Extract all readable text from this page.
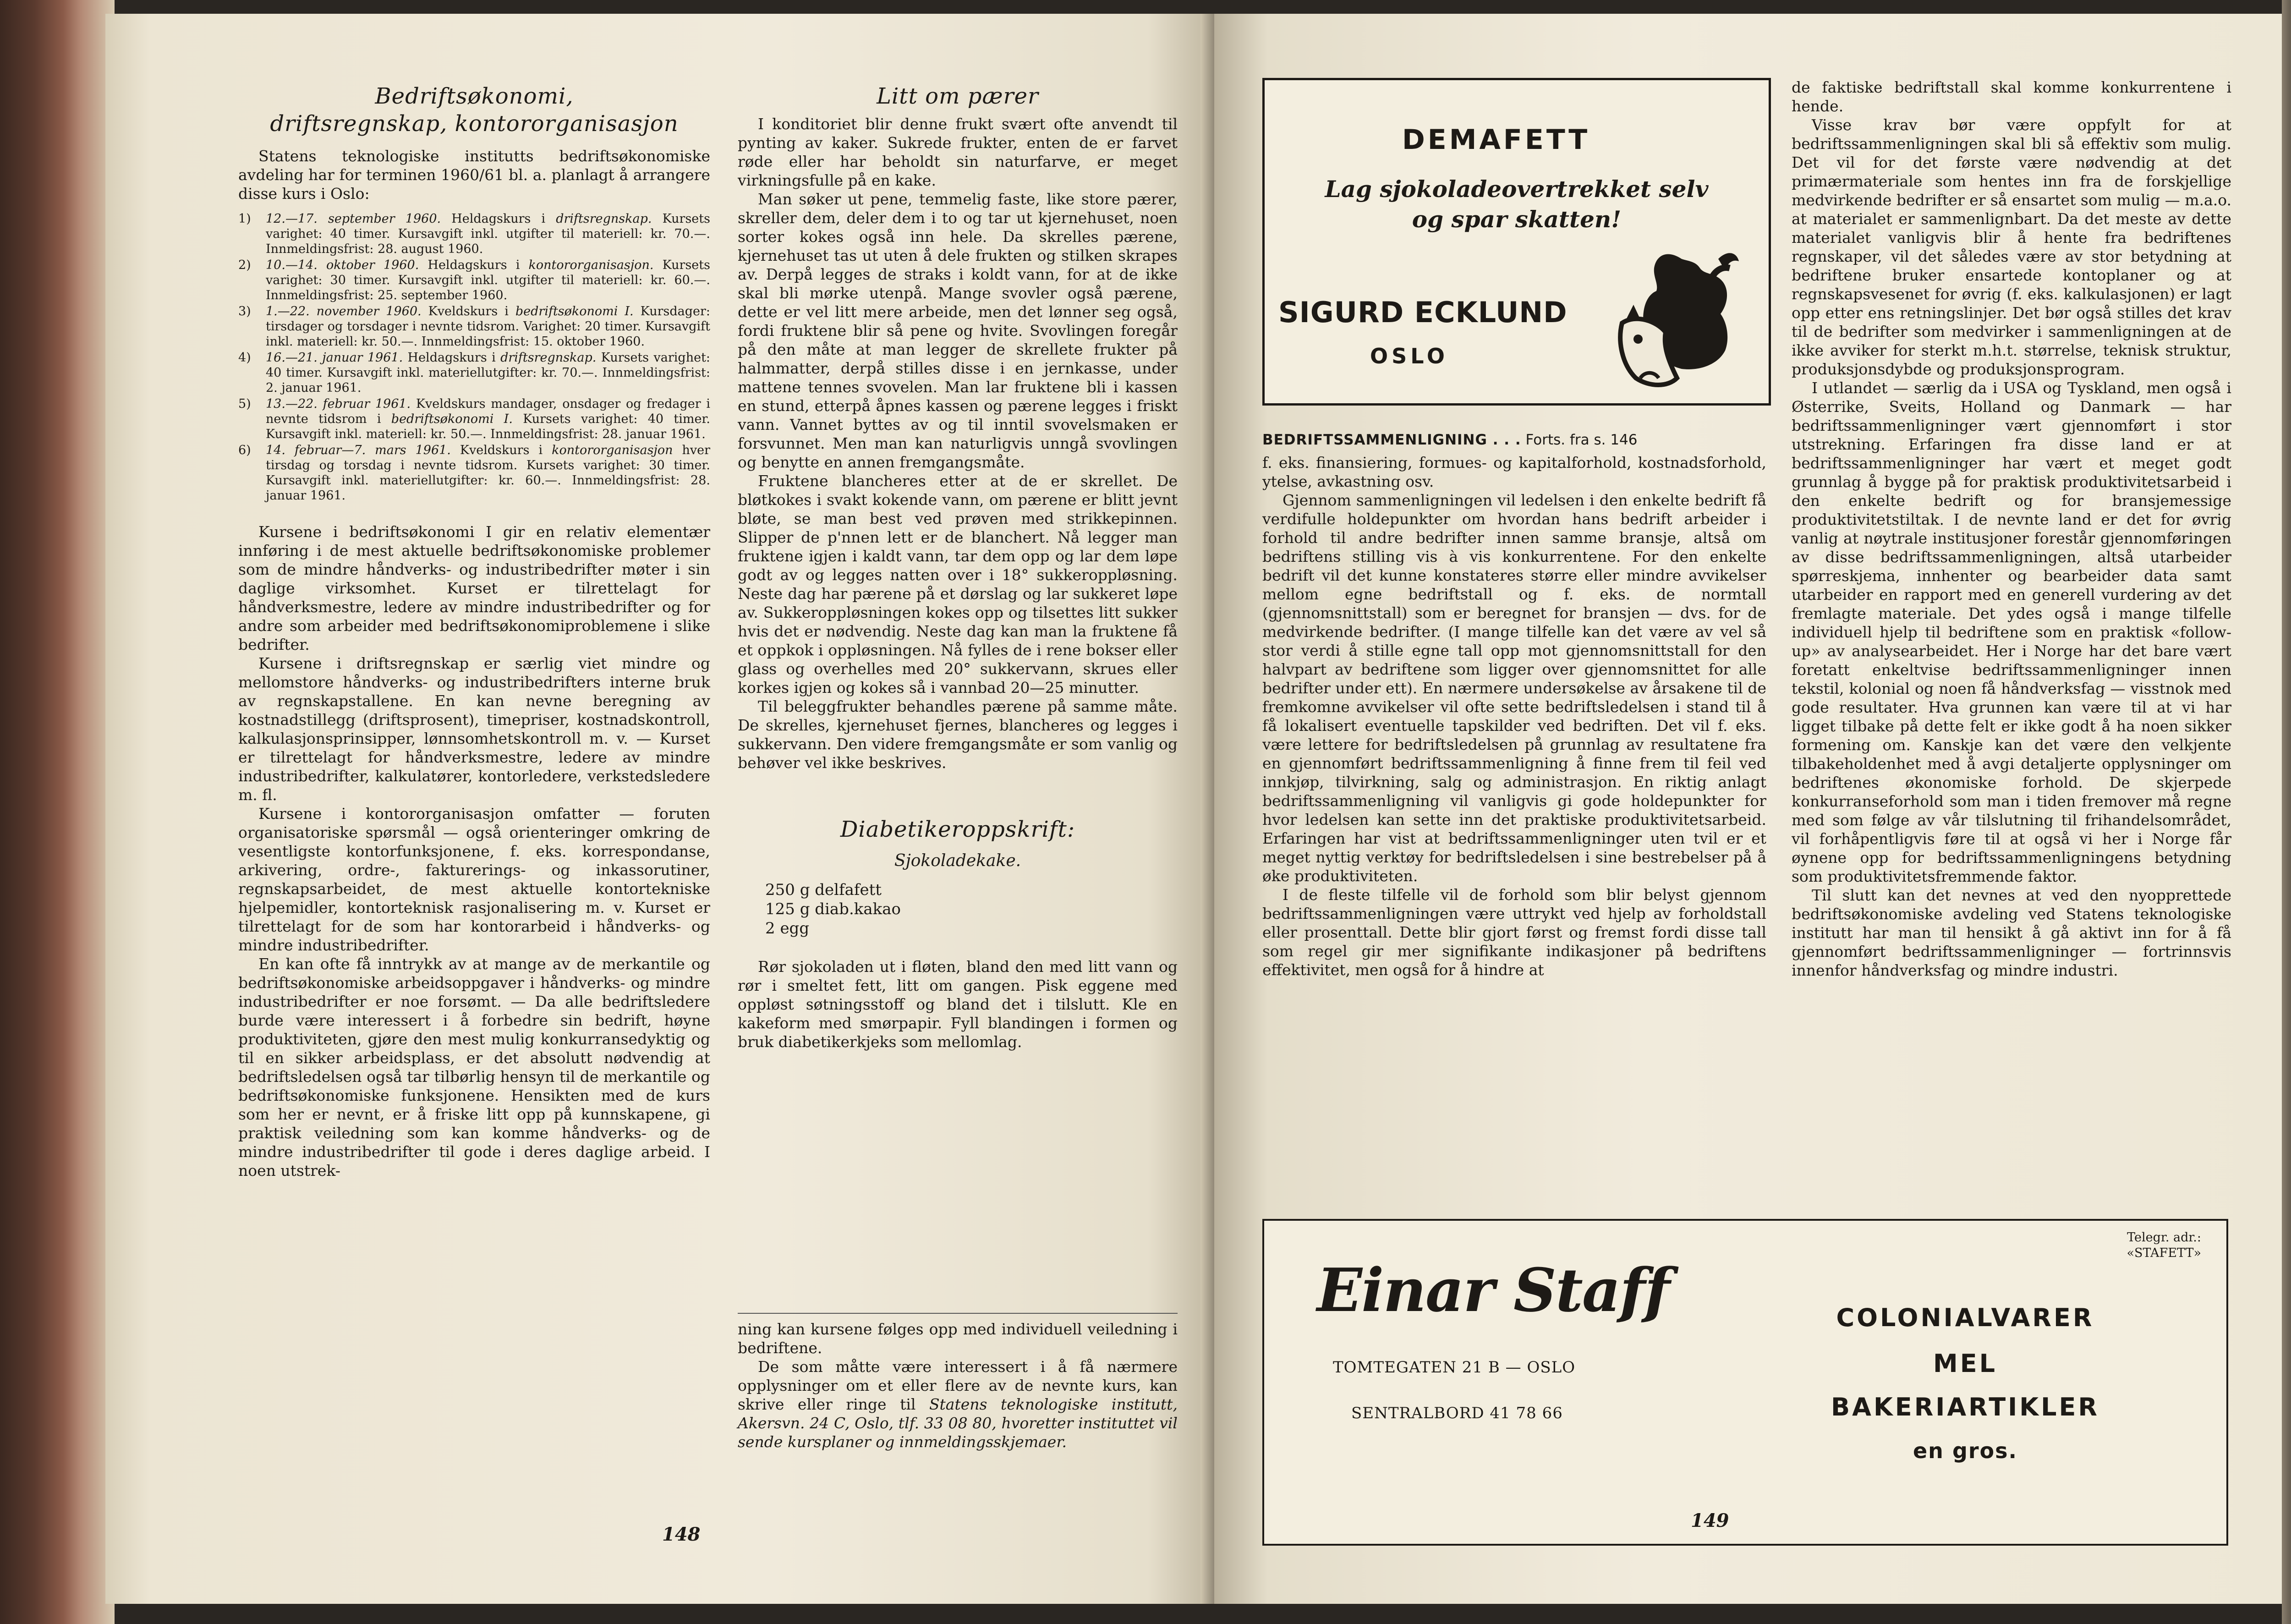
Bedriftsøkonomi,
driftsregnskap, kontororganisasjon
Statens teknologiske institutts bedriftsøkonomiske avdeling har for terminen 1960/61 bl. a. planlagt å arrangere disse kurs i Oslo:
1) 12.—17. september 1960. Heldagskurs i driftsregnskap. Kursets varighet: 40 timer. Kursavgift inkl. utgifter til materiell: kr. 70.—. Innmeldingsfrist: 28. august 1960.
2) 10.—14. oktober 1960. Heldagskurs i kontororganisasjon. Kursets varighet: 30 timer. Kursavgift inkl. utgifter til materiell: kr. 60.—. Innmeldingsfrist: 25. september 1960.
3) 1.—22. november 1960. Kveldskurs i bedriftsøkonomi I. Kursdager: tirsdager og torsdager i nevnte tidsrom. Varighet: 20 timer. Kursavgift inkl. materiell: kr. 50.—. Innmeldingsfrist: 15. oktober 1960.
4) 16.—21. januar 1961. Heldagskurs i driftsregnskap. Kursets varighet: 40 timer. Kursavgift inkl. materiellutgifter: kr. 70.—. Innmeldingsfrist: 2. januar 1961.
5) 13.—22. februar 1961. Kveldskurs mandager, onsdager og fredager i nevnte tidsrom i bedriftsøkonomi I. Kursets varighet: 40 timer. Kursavgift inkl. materiell: kr. 50.—. Innmeldingsfrist: 28. januar 1961.
6) 14. februar—7. mars 1961. Kveldskurs i kontororganisasjon hver tirsdag og torsdag i nevnte tidsrom. Kursets varighet: 30 timer. Kursavgift inkl. materiellutgifter: kr. 60.—. Innmeldingsfrist: 28. januar 1961.

Kursene i bedriftsøkonomi I gir en relativ elementær innføring i de mest aktuelle bedriftsøkonomiske problemer som de mindre håndverks- og industribedrifter møter i sin daglige virksomhet. Kurset er tilrettelagt for håndverksmestre, ledere av mindre industribedrifter og for andre som arbeider med bedriftsøkonomiproblemene i slike bedrifter.

Kursene i driftsregnskap er særlig viet mindre og mellomstore håndverks- og industribedrifters interne bruk av regnskapstallene. En kan nevne beregning av kostnadstillegg (driftsprosent), timepriser, kostnadskontroll, kalkulasjonsprinsipper, lønnsomhetskontroll m. v. — Kurset er tilrettelagt for håndverksmestre, ledere av mindre industribedrifter, kalkulatører, kontorledere, verkstedsledere m. fl.

Kursene i kontororganisasjon omfatter — foruten organisatoriske spørsmål — også orienteringer omkring de vesentligste kontorfunksjonene, f. eks. korrespondanse, arkivering, ordre-, fakturerings- og inkassorutiner, regnskapsarbeidet, de mest aktuelle kontortekniske hjelpemidler, kontorteknisk rasjonalisering m. v. Kurset er tilrettelagt for de som har kontorarbeid i håndverks- og mindre industribedrifter.

En kan ofte få inntrykk av at mange av de merkantile og bedriftsøkonomiske arbeidsoppgaver i håndverks- og mindre industribedrifter er noe forsømt. — Da alle bedriftsledere burde være interessert i å forbedre sin bedrift, høyne produktiviteten, gjøre den mest mulig konkurransedyktig og til en sikker arbeidsplass, er det absolutt nødvendig at bedriftsledelsen også tar tilbørlig hensyn til de merkantile og bedriftsøkonomiske funksjonene. Hensikten med de kurs som her er nevnt, er å friske litt opp på kunnskapene, gi praktisk veiledning som kan komme håndverks- og de mindre industribedrifter til gode i deres daglige arbeid. I noen utstrek-

Litt om pærer

I konditoriet blir denne frukt svært ofte anvendt til pynting av kaker. Sukrede frukter, enten de er farvet røde eller har beholdt sin naturfarve, er meget virkningsfulle på en kake.

Man søker ut pene, temmelig faste, like store pærer, skreller dem, deler dem i to og tar ut kjernehuset, noen sorter kokes også inn hele. Da skrelles pærene, kjernehuset tas ut uten å dele frukten og stilken skrapes av. Derpå legges de straks i koldt vann, for at de ikke skal bli mørke utenpå. Mange svovler også pærene, dette er vel litt mere arbeide, men det lønner seg også, fordi fruktene blir så pene og hvite. Svovlingen foregår på den måte at man legger de skrellete frukter på halmmatter, derpå stilles disse i en jernkasse, under mattene tennes svovelen. Man lar fruktene bli i kassen en stund, etterpå åpnes kassen og pærene legges i friskt vann. Vannet byttes av og til inntil svovelsmaken er forsvunnet. Men man kan naturligvis unngå svovlingen og benytte en annen fremgangsmåte.

Fruktene blancheres etter at de er skrellet. De bløtkokes i svakt kokende vann, om pærene er blitt jevnt bløte, se man best ved prøven med strikkepinnen. Slipper de p'nnen lett er de blanchert. Nå legger man fruktene igjen i kaldt vann, tar dem opp og lar dem løpe godt av og legges natten over i 18° sukkeroppløsning. Neste dag har pærene på et dørslag og lar sukkeret løpe av. Sukkeroppløsningen kokes opp og tilsettes litt sukker hvis det er nødvendig. Neste dag kan man la fruktene få et oppkok i oppløsningen. Nå fylles de i rene bokser eller glass og overhelles med 20° sukkervann, skrues eller korkes igjen og kokes så i vannbad 20—25 minutter.

Til beleggfrukter behandles pærene på samme måte. De skrelles, kjernehuset fjernes, blancheres og legges i sukkervann. Den videre fremgangsmåte er som vanlig og behøver vel ikke beskrives.

Diabetikeroppskrift:
Sjokoladekake.
250 g delfafett
125 g diab.kakao
2 egg

Rør sjokoladen ut i fløten, bland den med litt vann og rør i smeltet fett, litt om gangen. Pisk eggene med oppløst søtningsstoff og bland det i tilslutt. Kle en kakeform med smørpapir. Fyll blandingen i formen og bruk diabetikerkjeks som mellomlag.

ning kan kursene følges opp med individuell veiledning i bedriftene.

De som måtte være interessert i å få nærmere opplysninger om et eller flere av de nevnte kurs, kan skrive eller ringe til Statens teknologiske institutt, Akersvn. 24 C, Oslo, tlf. 33 08 80, hvoretter instituttet vil sende kursplaner og innmeldingsskjemaer.

148
DEMAFETT
Lag sjokoladeovertrekket selv
og spar skatten!
SIGURD ECKLUND
OSLO
BEDRIFTSSAMMENLIGNING . . . Forts. fra s. 146

f. eks. finansiering, formues- og kapitalforhold, kostnadsforhold, ytelse, avkastning osv.

Gjennom sammenligningen vil ledelsen i den enkelte bedrift få verdifulle holdepunkter om hvordan hans bedrift arbeider i forhold til andre bedrifter innen samme bransje, altså om bedriftens stilling vis à vis konkurrentene. For den enkelte bedrift vil det kunne konstateres større eller mindre avvikelser mellom egne bedriftstall og f. eks. de normtall (gjennomsnittstall) som er beregnet for bransjen — dvs. for de medvirkende bedrifter. (I mange tilfelle kan det være av vel så stor verdi å stille egne tall opp mot gjennomsnittstall for den halvpart av bedriftene som ligger over gjennomsnittet for alle bedrifter under ett). En nærmere undersøkelse av årsakene til de fremkomne avvikelser vil ofte sette bedriftsledelsen i stand til å få lokalisert eventuelle tapskilder ved bedriften. Det vil f. eks. være lettere for bedriftsledelsen på grunnlag av resultatene fra en gjennomført bedriftssammenligning å finne frem til feil ved innkjøp, tilvirkning, salg og administrasjon. En riktig anlagt bedriftssammenligning vil vanligvis gi gode holdepunkter for hvor ledelsen kan sette inn det praktiske produktivitetsarbeid. Erfaringen har vist at bedriftssammenligninger uten tvil er et meget nyttig verktøy for bedriftsledelsen i sine bestrebelser på å øke produktiviteten.

I de fleste tilfelle vil de forhold som blir belyst gjennom bedriftssammenligningen være uttrykt ved hjelp av forholdstall eller prosenttall. Dette blir gjort først og fremst fordi disse tall som regel gir mer signifikante indikasjoner på bedriftens effektivitet, men også for å hindre at

de faktiske bedriftstall skal komme konkurrentene i hende.

Visse krav bør være oppfylt for at bedriftssammenligningen skal bli så effektiv som mulig. Det vil for det første være nødvendig at det primærmateriale som hentes inn fra de forskjellige medvirkende bedrifter er så ensartet som mulig — m.a.o. at materialet er sammenlignbart. Da det meste av dette materialet vanligvis blir å hente fra bedriftenes regnskaper, vil det således være av stor betydning at bedriftene bruker ensartede kontoplaner og at regnskapsvesenet for øvrig (f. eks. kalkulasjonen) er lagt opp etter ens retningslinjer. Det bør også stilles det krav til de bedrifter som medvirker i sammenligningen at de ikke avviker for sterkt m.h.t. størrelse, teknisk struktur, produksjonsdybde og produksjonsprogram.

I utlandet — særlig da i USA og Tyskland, men også i Østerrike, Sveits, Holland og Danmark — har bedriftssammenligninger vært gjennomført i stor utstrekning. Erfaringen fra disse land er at bedriftssammenligninger har vært et meget godt grunnlag å bygge på for praktisk produktivitetsarbeid i den enkelte bedrift og for bransjemessige produktivitetstiltak. I de nevnte land er det for øvrig vanlig at nøytrale institusjoner forestår gjennomføringen av disse bedriftssammenligningen, altså utarbeider spørreskjema, innhenter og bearbeider data samt utarbeider en rapport med en generell vurdering av det fremlagte materiale. Det ydes også i mange tilfelle individuell hjelp til bedriftene som en praktisk «follow-up» av analysearbeidet. Her i Norge har det bare vært foretatt enkeltvise bedriftssammenligninger innen tekstil, kolonial og noen få håndverksfag — visstnok med gode resultater. Hva grunnen kan være til at vi har ligget tilbake på dette felt er ikke godt å ha noen sikker formening om. Kanskje kan det være den velkjente tilbakeholdenhet med å avgi detaljerte opplysninger om bedriftenes økonomiske forhold. De skjerpede konkurranseforhold som man i tiden fremover må regne med som følge av vår tilslutning til frihandelsområdet, vil forhåpentligvis føre til at også vi her i Norge får øynene opp for bedriftssammenligningens betydning som produktivitetsfremmende faktor.

Til slutt kan det nevnes at ved den nyopprettede bedriftsøkonomiske avdeling ved Statens teknologiske institutt har man til hensikt å gå aktivt inn for å få gjennomført bedriftssammenligninger — fortrinnsvis innenfor håndverksfag og mindre industri.

Einar Staff
TOMTEGATEN 21 B — OSLO
SENTRALBORD 41 78 66
Telegr. adr.:
«STAFETT»
COLONIALVARER
MEL
BAKERIARTIKLER
en gros.
149
